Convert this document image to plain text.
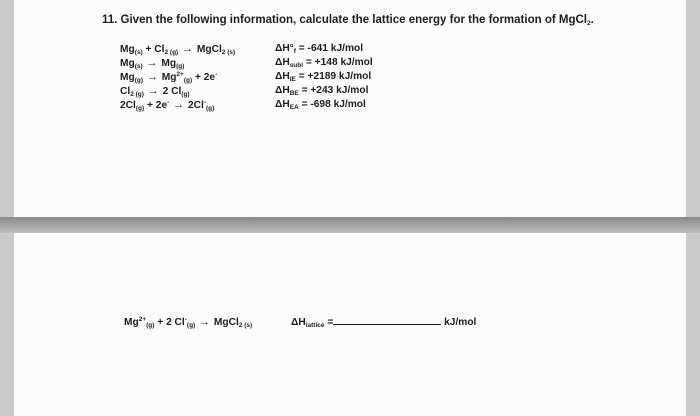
11. Given the following information, calculate the lattice energy for the formation of MgCl$_2$.
$Mg_{(s)} + Cl_{2 (g)}$ → MgCl$_{2 (s)}$
$Mg_{(s)} \to Mg_{(g)}$
$Mg_{(g)} \to Mg^{2+}_{(g)} + 2e^-$
$Cl_{2 (g)} \to 2$ $Cl_{(g)}$
$2Cl_{(g)} + 2e^- \to 2Cl^-_{(g)}$
$\Delta H^\circ_f = -641$ kJ/mol
$\Delta H_{subl} = +148$ kJ/mol
$\Delta H_{IE} = +2189$ kJ/mol
$\Delta H_{BE} = +243$ kJ/mol
$\Delta H_{EA} = -698$ kJ/mol
$Mg^{2+}_{(g)} + 2$ $Cl^-_{(g)}$ → MgCl$_{2 (s)}$	$\Delta H_{lattice}$ =	kJ/mol
